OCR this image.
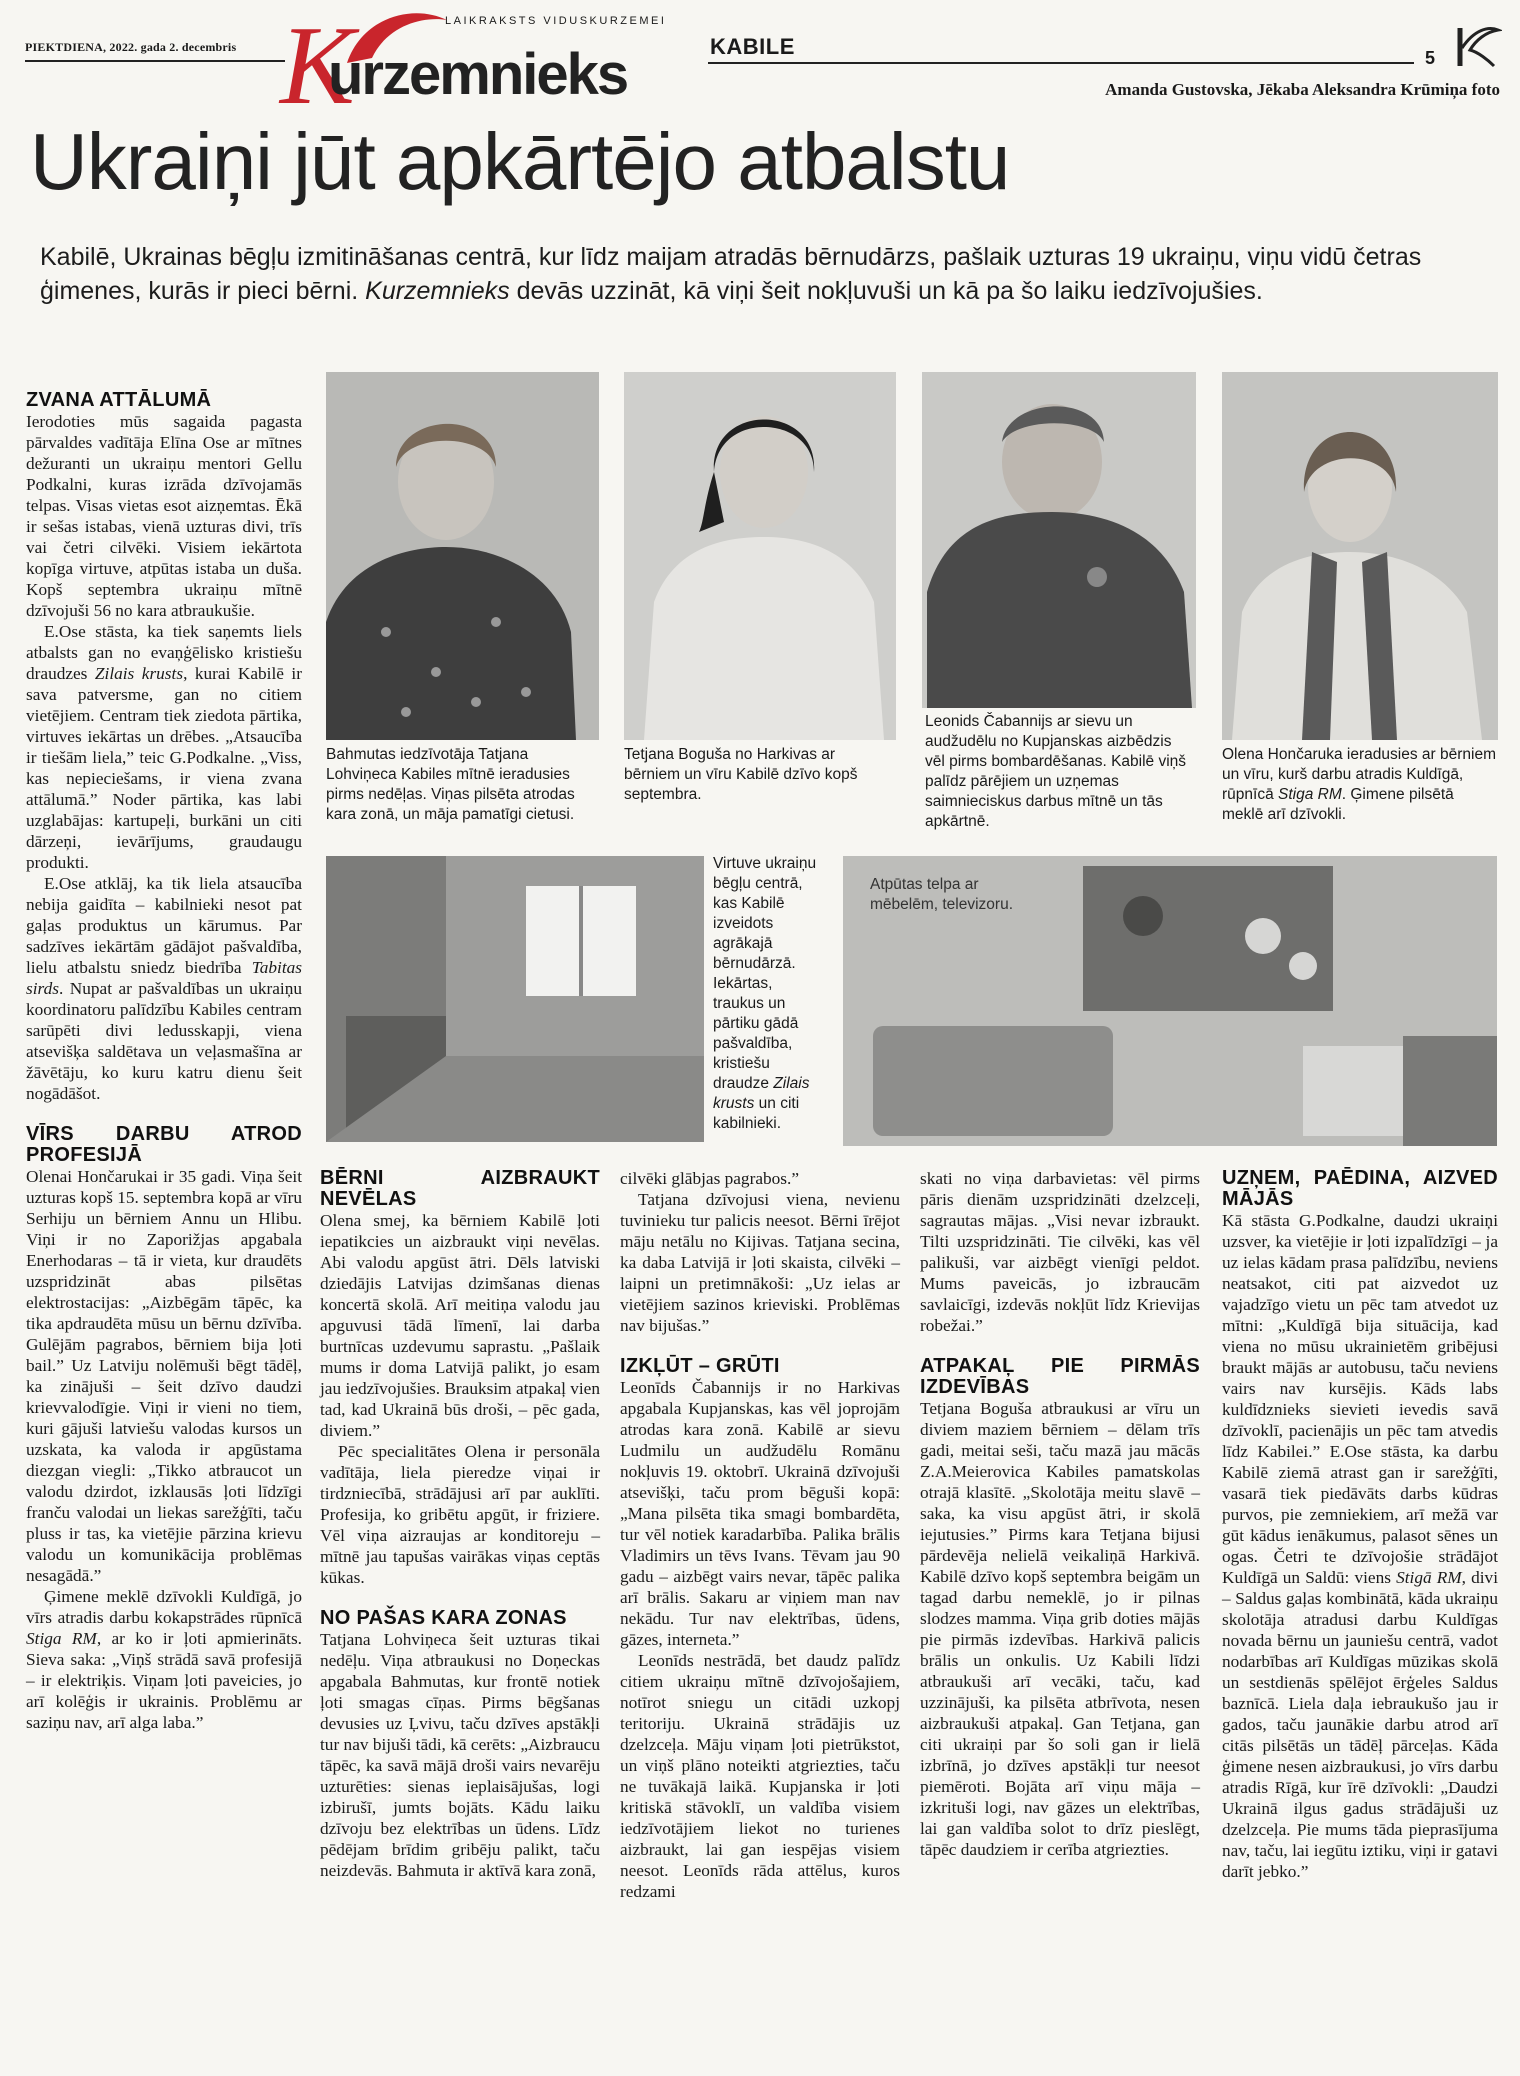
PIEKTDIENA, 2022. gada 2. decembris
LAIKRAKSTS VIDUSKURZEMEI
K
urzemnieks	KABILE	5
Amanda Gustovska, Jēkaba Aleksandra Krūmiņa foto
Ukraiņi jūt apkārtējo atbalstu
Kabilē, Ukrainas bēgļu izmitināšanas centrā, kur līdz maijam atradās bērnudārzs, pašlaik uzturas 19 ukraiņu, viņu vidū četras ģimenes, kurās ir pieci bērni. Kurzemnieks devās uzzināt, kā viņi šeit nokļuvuši un kā pa šo laiku iedzīvojušies.
Bahmutas iedzīvotāja Tatjana Lohviņeca Kabiles mītnē ieradusies pirms nedēļas. Viņas pilsēta atrodas kara zonā, un māja pamatīgi cietusi.
Tetjana Boguša no Harkivas ar bērniem un vīru Kabilē dzīvo kopš septembra.
Leonids Čabannijs ar sievu un audžudēlu no Kupjanskas aizbēdzis vēl pirms bombardēšanas. Kabilē viņš palīdz pārējiem un uzņemas saimnieciskus darbus mītnē un tās apkārtnē.
Olena Hončaruka ieradusies ar bērniem un vīru, kurš darbu atradis Kuldīgā, rūpnīcā Stiga RM. Ģimene pilsētā meklē arī dzīvokli.
Virtuve ukraiņu bēgļu centrā, kas Kabilē izveidots agrākajā bērnudārzā. Iekārtas, traukus un pārtiku gādā pašvaldība, kristiešu draudze Zilais krusts un citi kabilnieki.
Atpūtas telpa ar mēbelēm, televizoru.
ZVANA ATTĀLUMĀ

Ierodoties mūs sagaida pagasta pārvaldes vadītāja Elīna Ose ar mītnes dežuranti un ukraiņu mentori Gellu Podkalni, kuras izrāda dzīvojamās telpas. Visas vietas esot aizņemtas. Ēkā ir sešas istabas, vienā uzturas divi, trīs vai četri cilvēki. Visiem iekārtota kopīga virtuve, atpūtas istaba un duša. Kopš septembra ukraiņu mītnē dzīvojuši 56 no kara atbraukušie.

E.Ose stāsta, ka tiek saņemts liels atbalsts gan no evaņģēlisko kristiešu draudzes Zilais krusts, kurai Kabilē ir sava patversme, gan no citiem vietējiem. Centram tiek ziedota pārtika, virtuves iekārtas un drēbes. „Atsaucība ir tiešām liela,” teic G.Podkalne. „Viss, kas nepieciešams, ir viena zvana attālumā.” Noder pārtika, kas labi uzglabājas: kartupeļi, burkāni un citi dārzeņi, ievārījums, graudaugu produkti.

E.Ose atklāj, ka tik liela atsaucība nebija gaidīta – kabilnieki nesot pat gaļas produktus un kārumus. Par sadzīves iekārtām gādājot pašvaldība, lielu atbalstu sniedz biedrība Tabitas sirds. Nupat ar pašvaldības un ukraiņu koordinatoru palīdzību Kabiles centram sarūpēti divi ledusskapji, viena atsevišķa saldētava un veļasmašīna ar žāvētāju, ko kuru katru dienu šeit nogādāšot.

VĪRS DARBU ATROD PROFESIJĀ

Olenai Hončarukai ir 35 gadi. Viņa šeit uzturas kopš 15. septembra kopā ar vīru Serhiju un bērniem Annu un Hlibu. Viņi ir no Zaporižjas apgabala Enerhodaras – tā ir vieta, kur draudēts uzspridzināt abas pilsētas elektrostacijas: „Aizbēgām tāpēc, ka tika apdraudēta mūsu un bērnu dzīvība. Gulējām pagrabos, bērniem bija ļoti bail.” Uz Latviju nolēmuši bēgt tādēļ, ka zinājuši – šeit dzīvo daudzi krievvalodīgie. Viņi ir vieni no tiem, kuri gājuši latviešu valodas kursos un uzskata, ka valoda ir apgūstama diezgan viegli: „Tikko atbraucot un valodu dzirdot, izklausās ļoti līdzīgi franču valodai un liekas sarežģīti, taču pluss ir tas, ka vietējie pārzina krievu valodu un komunikācija problēmas nesagādā.”

Ģimene meklē dzīvokli Kuldīgā, jo vīrs atradis darbu kokapstrādes rūpnīcā Stiga RM, ar ko ir ļoti apmierināts. Sieva saka: „Viņš strādā savā profesijā – ir elektriķis. Viņam ļoti paveicies, jo arī kolēģis ir ukrainis. Problēmu ar saziņu nav, arī alga laba.”

BĒRNI AIZBRAUKT NEVĒLAS

Olena smej, ka bērniem Kabilē ļoti iepatikcies un aizbraukt viņi nevēlas. Abi valodu apgūst ātri. Dēls latviski dziedājis Latvijas dzimšanas dienas koncertā skolā. Arī meitiņa valodu jau apguvusi tādā līmenī, lai darba burtnīcas uzdevumu saprastu. „Pašlaik mums ir doma Latvijā palikt, jo esam jau iedzīvojušies. Brauksim atpakaļ vien tad, kad Ukrainā būs droši, – pēc gada, diviem.”

Pēc specialitātes Olena ir personāla vadītāja, liela pieredze viņai ir tirdzniecībā, strādājusi arī par auklīti. Profesija, ko gribētu apgūt, ir friziere. Vēl viņa aizraujas ar konditoreju – mītnē jau tapušas vairākas viņas ceptās kūkas.

NO PAŠAS KARA ZONAS

Tatjana Lohviņeca šeit uzturas tikai nedēļu. Viņa atbraukusi no Doņeckas apgabala Bahmutas, kur frontē notiek ļoti smagas cīņas. Pirms bēgšanas devusies uz Ļvivu, taču dzīves apstākļi tur nav bijuši tādi, kā cerēts: „Aizbraucu tāpēc, ka savā mājā droši vairs nevarēju uzturēties: sienas ieplaisājušas, logi izbirušī, jumts bojāts. Kādu laiku dzīvoju bez elektrības un ūdens. Līdz pēdējam brīdim gribēju palikt, taču neizdevās. Bahmuta ir aktīvā kara zonā,

cilvēki glābjas pagrabos.”

Tatjana dzīvojusi viena, nevienu tuvinieku tur palicis neesot. Bērni īrējot māju netālu no Kijivas. Tatjana secina, ka daba Latvijā ir ļoti skaista, cilvēki – laipni un pretimnākoši: „Uz ielas ar vietējiem sazinos krieviski. Problēmas nav bijušas.”

IZKĻŪT – GRŪTI

Leonīds Čabannijs ir no Harkivas apgabala Kupjanskas, kas vēl joprojām atrodas kara zonā. Kabilē ar sievu Ludmilu un audžudēlu Romānu nokļuvis 19. oktobrī. Ukrainā dzīvojuši atsevišķi, taču prom bēguši kopā: „Mana pilsēta tika smagi bombardēta, tur vēl notiek karadarbība. Palika brālis Vladimirs un tēvs Ivans. Tēvam jau 90 gadu – aizbēgt vairs nevar, tāpēc palika arī brālis. Sakaru ar viņiem man nav nekādu. Tur nav elektrības, ūdens, gāzes, interneta.”

Leonīds nestrādā, bet daudz palīdz citiem ukraiņu mītnē dzīvojošajiem, notīrot sniegu un citādi uzkopj teritoriju. Ukrainā strādājis uz dzelzceļa. Māju viņam ļoti pietrūkstot, un viņš plāno noteikti atgriezties, taču ne tuvākajā laikā. Kupjanska ir ļoti kritiskā stāvoklī, un valdība visiem iedzīvotājiem liekot no turienes aizbraukt, lai gan iespējas visiem neesot. Leonīds rāda attēlus, kuros redzami

skati no viņa darbavietas: vēl pirms pāris dienām uzspridzināti dzelzceļi, sagrautas mājas. „Visi nevar izbraukt. Tilti uzspridzināti. Tie cilvēki, kas vēl palikuši, var aizbēgt vienīgi peldot. Mums paveicās, jo izbraucām savlaicīgi, izdevās nokļūt līdz Krievijas robežai.”

ATPAKAĻ PIE PIRMĀS IZDEVĪBAS

Tetjana Boguša atbraukusi ar vīru un diviem maziem bērniem – dēlam trīs gadi, meitai seši, taču mazā jau mācās Z.A.Meierovica Kabiles pamatskolas otrajā klasītē. „Skolotāja meitu slavē – saka, ka visu apgūst ātri, ir skolā iejutusies.” Pirms kara Tetjana bijusi pārdevēja nelielā veikaliņā Harkivā. Kabilē dzīvo kopš septembra beigām un tagad darbu nemeklē, jo ir pilnas slodzes mamma. Viņa grib doties mājās pie pirmās izdevības. Harkivā palicis brālis un onkulis. Uz Kabili līdzi atbraukuši arī vecāki, taču, kad uzzinājuši, ka pilsēta atbrīvota, nesen aizbraukuši atpakaļ. Gan Tetjana, gan citi ukraiņi par šo soli gan ir lielā izbrīnā, jo dzīves apstākļi tur neesot piemēroti. Bojāta arī viņu māja – izkrituši logi, nav gāzes un elektrības, lai gan valdība solot to drīz pieslēgt, tāpēc daudziem ir cerība atgriezties.

UZŅEM, PAĒDINA, AIZVED MĀJĀS

Kā stāsta G.Podkalne, daudzi ukraiņi uzsver, ka vietējie ir ļoti izpalīdzīgi – ja uz ielas kādam prasa palīdzību, neviens neatsakot, citi pat aizvedot uz vajadzīgo vietu un pēc tam atvedot uz mītni: „Kuldīgā bija situācija, kad viena no mūsu ukrainietēm gribējusi braukt mājās ar autobusu, taču neviens vairs nav kursējis. Kāds labs kuldīdznieks sievieti ievedis savā dzīvoklī, pacienājis un pēc tam atvedis līdz Kabilei.” E.Ose stāsta, ka darbu Kabilē ziemā atrast gan ir sarežģīti, vasarā tiek piedāvāts darbs kūdras purvos, pie zemniekiem, arī mežā var gūt kādus ienākumus, palasot sēnes un ogas. Četri te dzīvojošie strādājot Kuldīgā un Saldū: viens Stigā RM, divi – Saldus gaļas kombinātā, kāda ukraiņu skolotāja atradusi darbu Kuldīgas novada bērnu un jauniešu centrā, vadot nodarbības arī Kuldīgas mūzikas skolā un sestdienās spēlējot ērģeles Saldus baznīcā. Liela daļa iebraukušo jau ir gados, taču jaunākie darbu atrod arī citās pilsētās un tādēļ pārceļas. Kāda ģimene nesen aizbraukusi, jo vīrs darbu atradis Rīgā, kur īrē dzīvokli: „Daudzi Ukrainā ilgus gadus strādājuši uz dzelzceļa. Pie mums tāda pieprasījuma nav, taču, lai iegūtu iztiku, viņi ir gatavi darīt jebko.”
